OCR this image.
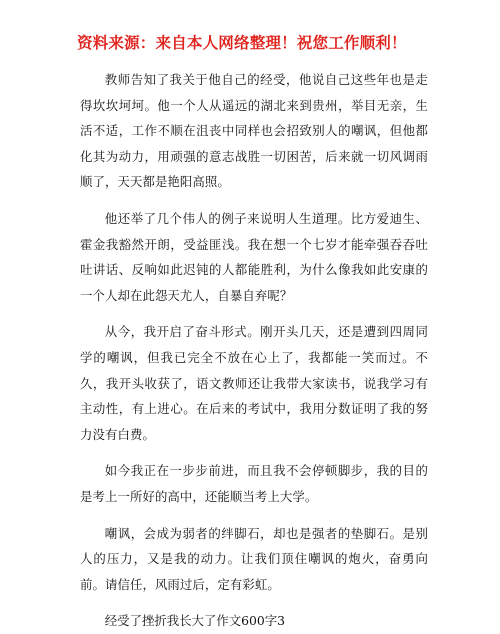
资料来源：来自本人网络整理！祝您工作顺利！

教师告知了我关于他自己的经受，他说自己这些年也是走得坎坎坷坷。他一个人从遥远的湖北来到贵州，举目无亲，生活不适，工作不顺在沮丧中同样也会招致别人的嘲讽，但他都化其为动力，用顽强的意志战胜一切困苦，后来就一切风调雨顺了，天天都是艳阳高照。

他还举了几个伟人的例子来说明人生道理。比方爱迪生、霍金我豁然开朗，受益匪浅。我在想一个七岁才能牵强吞吞吐吐讲话、反响如此迟钝的人都能胜利，为什么像我如此安康的一个人却在此怨天尤人，自暴自弃呢？

从今，我开启了奋斗形式。刚开头几天，还是遭到四周同学的嘲讽，但我已完全不放在心上了，我都能一笑而过。不久，我开头收获了，语文教师还让我带大家读书，说我学习有主动性，有上进心。在后来的考试中，我用分数证明了我的努力没有白费。

如今我正在一步步前进，而且我不会停顿脚步，我的目的是考上一所好的高中，还能顺当考上大学。

嘲讽，会成为弱者的绊脚石，却也是强者的垫脚石。是别人的压力，又是我的动力。让我们顶住嘲讽的炮火，奋勇向前。请信任，风雨过后，定有彩虹。

经受了挫折我长大了作文600字3
